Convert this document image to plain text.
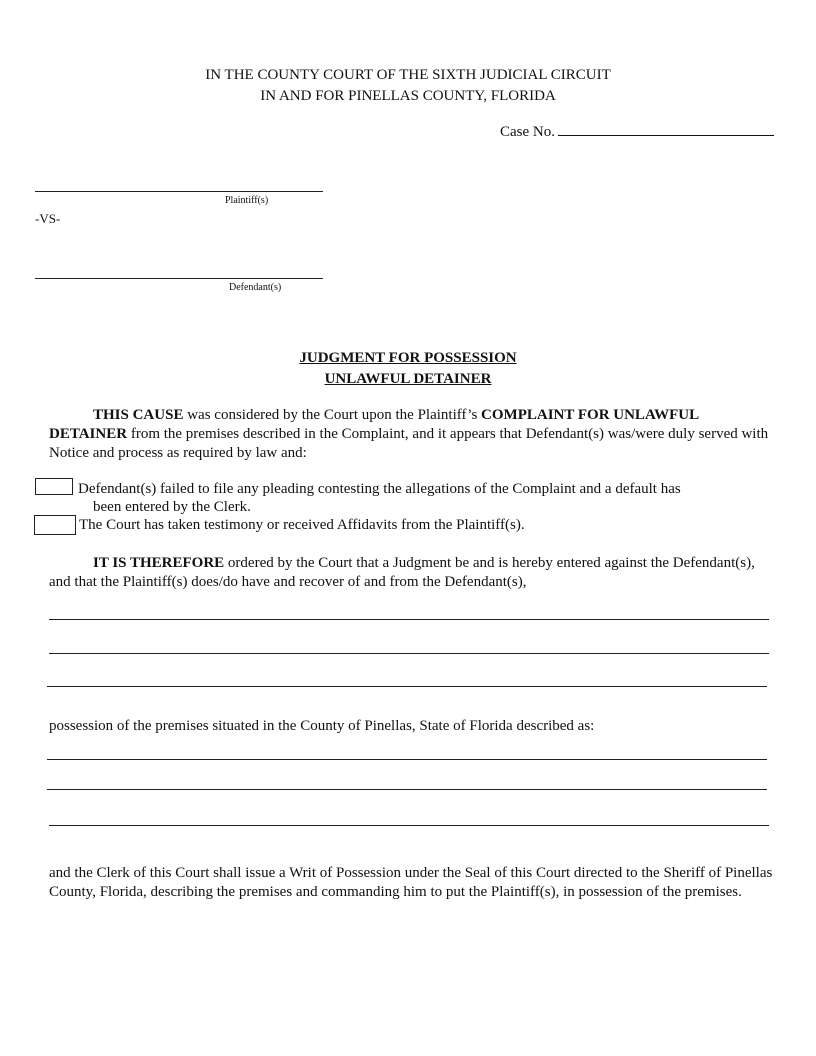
IN THE COUNTY COURT OF THE SIXTH JUDICIAL CIRCUIT
IN AND FOR PINELLAS COUNTY, FLORIDA
Case No.
Plaintiff(s)
-VS-
Defendant(s)
JUDGMENT FOR POSSESSION
UNLAWFUL DETAINER
THIS CAUSE was considered by the Court upon the Plaintiff’s COMPLAINT FOR UNLAWFUL DETAINER from the premises described in the Complaint, and it appears that Defendant(s) was/were duly served with Notice and process as required by law and:
Defendant(s) failed to file any pleading contesting the allegations of the Complaint and a default has
been entered by the Clerk.
The Court has taken testimony or received Affidavits from the Plaintiff(s).
IT IS THEREFORE ordered by the Court that a Judgment be and is hereby entered against the Defendant(s), and that the Plaintiff(s) does/do have and recover of and from the Defendant(s),
possession of the premises situated in the County of Pinellas, State of Florida described as:
and the Clerk of this Court shall issue a Writ of Possession under the Seal of this Court directed to the Sheriff of Pinellas County, Florida, describing the premises and commanding him to put the Plaintiff(s), in possession of the premises.
